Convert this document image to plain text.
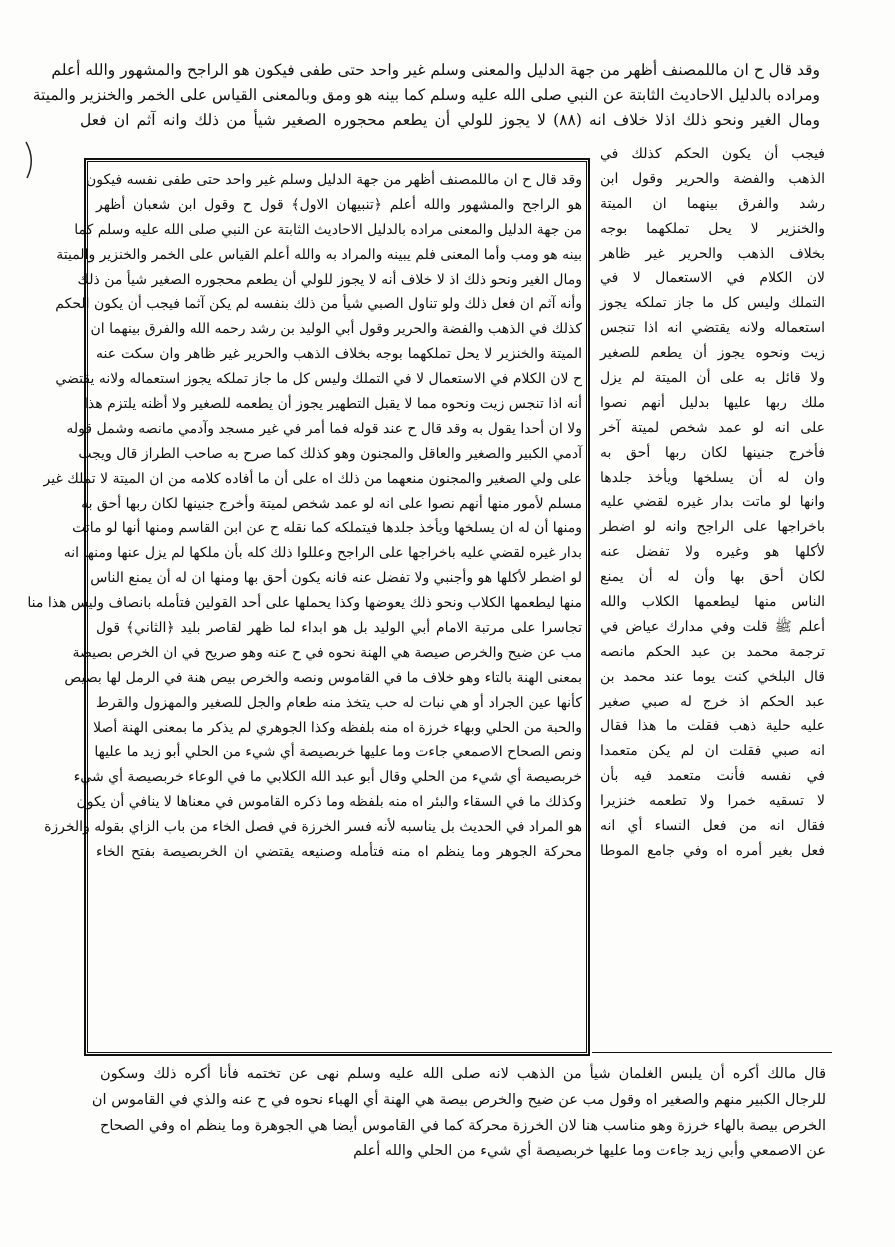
وقد قال ح ان ماللمصنف أظهر من جهة الدليل والمعنى وسلم غير واحد حتى طفى فيكون هو الراجح والمشهور والله أعلم
ومراده بالدليل الاحاديث الثابتة عن النبي صلى الله عليه وسلم كما بينه هو ومق وبالمعنى القياس على الخمر والخنزير والميتة
ومال الغير ونحو ذلك اذلا خلاف انه (٨٨) لا يجوز للولي أن يطعم محجوره الصغير شيأ من ذلك وانه آثم ان فعل
فيجب أن يكون الحكم كذلك في
الذهب والفضة والحرير وقول ابن
رشد والفرق بينهما ان الميتة
والخنزير لا يحل تملكهما بوجه
بخلاف الذهب والحرير غير ظاهر
لان الكلام في الاستعمال لا في
التملك وليس كل ما جاز تملكه يجوز
استعماله ولانه يقتضي انه اذا تنجس
زيت ونحوه يجوز أن يطعم للصغير
ولا قائل به على أن الميتة لم يزل
ملك ربها عليها بدليل أنهم نصوا
على انه لو عمد شخص لميتة آخر
فأخرج جنينها لكان ربها أحق به
وان له أن يسلخها ويأخذ جلدها
وانها لو ماتت بدار غيره لقضي عليه
باخراجها على الراجح وانه لو اضطر
لأكلها هو وغيره ولا تفضل عنه
لكان أحق بها وأن له أن يمنع
الناس منها ليطعمها الكلاب والله
أعلم ﷺ قلت وفي مدارك عياض في
ترجمة محمد بن عبد الحكم مانصه
قال البلخي كنت يوما عند محمد بن
عبد الحكم اذ خرج له صبي صغير
عليه حلية ذهب فقلت ما هذا فقال
انه صبي فقلت ان لم يكن متعمدا
في نفسه فأنت متعمد فيه بأن
لا تسقيه خمرا ولا تطعمه خنزيرا
فقال انه من فعل النساء أي انه
فعل بغير أمره اه وفي جامع الموطا
وقد قال ح ان ماللمصنف أظهر من جهة الدليل وسلم غير واحد حتى طفى نفسه فيكون
هو الراجح والمشهور والله أعلم ﴿تنبيهان الاول﴾ قول ح وقول ابن شعبان أظهر
من جهة الدليل والمعنى مراده بالدليل الاحاديث الثابتة عن النبي صلى الله عليه وسلم كما
بينه هو ومب وأما المعنى فلم يبينه والمراد به والله أعلم القياس على الخمر والخنزير والميتة
ومال الغير ونحو ذلك اذ لا خلاف أنه لا يجوز للولي أن يطعم محجوره الصغير شيأ من ذلك
وأنه آثم ان فعل ذلك ولو تناول الصبي شيأ من ذلك بنفسه لم يكن آثما فيجب أن يكون الحكم
كذلك في الذهب والفضة والحرير وقول أبي الوليد بن رشد رحمه الله والفرق بينهما ان
الميتة والخنزير لا يحل تملكهما بوجه بخلاف الذهب والحرير غير ظاهر وان سكت عنه
ح لان الكلام في الاستعمال لا في التملك وليس كل ما جاز تملكه يجوز استعماله ولانه يقتضي
أنه اذا تنجس زيت ونحوه مما لا يقبل التطهير يجوز أن يطعمه للصغير ولا أظنه يلتزم هذا
ولا ان أحدا يقول به وقد قال ح عند قوله فما أمر في غير مسجد وآدمي مانصه وشمل قوله
آدمي الكبير والصغير والعاقل والمجنون وهو كذلك كما صرح به صاحب الطراز قال ويجب
على ولي الصغير والمجنون منعهما من ذلك اه على أن ما أفاده كلامه من ان الميتة لا تملك غير
مسلم لأمور منها أنهم نصوا على انه لو عمد شخص لميتة وأخرج جنينها لكان ربها أحق به
ومنها أن له ان يسلخها ويأخذ جلدها فيتملكه كما نقله ح عن ابن القاسم ومنها أنها لو ماتت
بدار غيره لقضي عليه باخراجها على الراجح وعللوا ذلك كله بأن ملكها لم يزل عنها ومنها انه
لو اضطر لأكلها هو وأجنبي ولا تفضل عنه فانه يكون أحق بها ومنها ان له أن يمنع الناس
منها ليطعمها الكلاب ونحو ذلك يعوضها وكذا يحملها على أحد القولين فتأمله بانصاف وليس هذا منا
تجاسرا على مرتبة الامام أبي الوليد بل هو ابداء لما ظهر لقاصر بليد ﴿الثاني﴾ قول
مب عن ضيح والخرص صيصة هي الهنة نحوه في ح عنه وهو صريح في ان الخرص بصيصة
بمعنى الهنة بالتاء وهو خلاف ما في القاموس ونصه والخرص بيص هنة في الرمل لها بصيص
كأنها عين الجراد أو هي نبات له حب يتخذ منه طعام والجل للصغير والمهزول والقرط
والحبة من الحلي وبهاء خرزة اه منه بلفظه وكذا الجوهري لم يذكر ما بمعنى الهنة أصلا
ونص الصحاح الاصمعي جاءت وما عليها خربصيصة أي شيء من الحلي أبو زيد ما عليها
خربصيصة أي شيء من الحلي وقال أبو عبد الله الكلابي ما في الوعاء خربصيصة أي شيء
وكذلك ما في السقاء والبئر اه منه بلفظه وما ذكره القاموس في معناها لا ينافي أن يكون
هو المراد في الحديث بل يناسبه لأنه فسر الخرزة في فصل الخاء من باب الزاي بقوله والخرزة
محركة الجوهر وما ينظم اه منه فتأمله وصنيعه يقتضي ان الخربصيصة بفتح الخاء
قال مالك أكره أن يلبس الغلمان شيأ من الذهب لانه صلى الله عليه وسلم نهى عن تختمه فأنا أكره ذلك وسكون
للرجال الكبير منهم والصغير اه وقول مب عن ضيح والخرص بيصة هي الهنة أي الهباء نحوه في ح عنه والذي في القاموس ان
الخرص بيصة بالهاء خرزة وهو مناسب هنا لان الخرزة محركة كما في القاموس أيضا هي الجوهرة وما ينظم اه وفي الصحاح
عن الاصمعي وأبي زيد جاءت وما عليها خربصيصة أي شيء من الحلي والله أعلم
